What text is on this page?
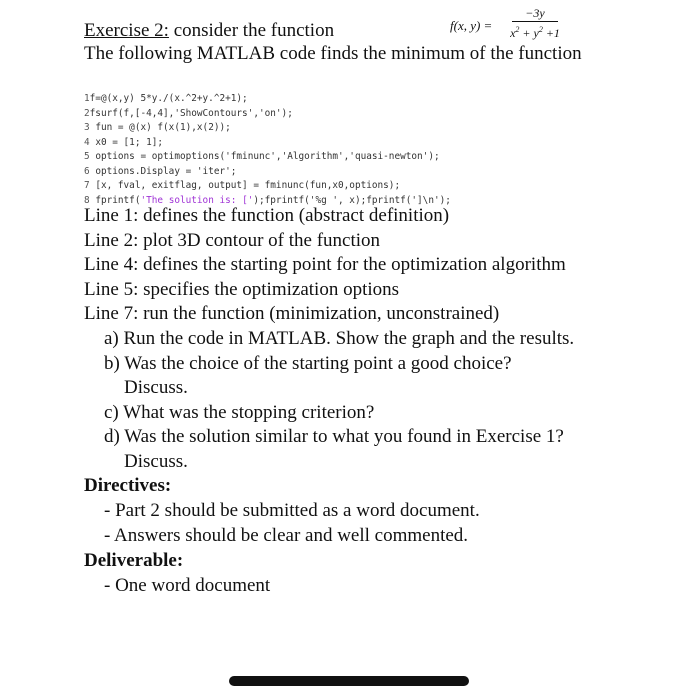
Exercise 2: consider the function	f(x, y) =
−3y
$x^2 + y^2 +1$
The following MATLAB code finds the minimum of the function
1f=@(x,y) 5*y./(x.^2+y.^2+1);
2fsurf(f,[-4,4],'ShowContours','on');
3 fun = @(x) f(x(1),x(2));
4 x0 = [1; 1];
5 options = optimoptions('fminunc','Algorithm','quasi-newton');
6 options.Display = 'iter';
7 [x, fval, exitflag, output] = fminunc(fun,x0,options);
8 fprintf('The solution is: [');fprintf('%g ', x);fprintf(']\n');
Line 1: defines the function (abstract definition)
Line 2: plot 3D contour of the function
Line 4: defines the starting point for the optimization algorithm
Line 5: specifies the optimization options
Line 7: run the function (minimization, unconstrained)
a) Run the code in MATLAB. Show the graph and the results.
b) Was the choice of the starting point a good choice?
Discuss.
c) What was the stopping criterion?
d) Was the solution similar to what you found in Exercise 1?
Discuss.
Directives:
- Part 2 should be submitted as a word document.
- Answers should be clear and well commented.
Deliverable:
- One word document
